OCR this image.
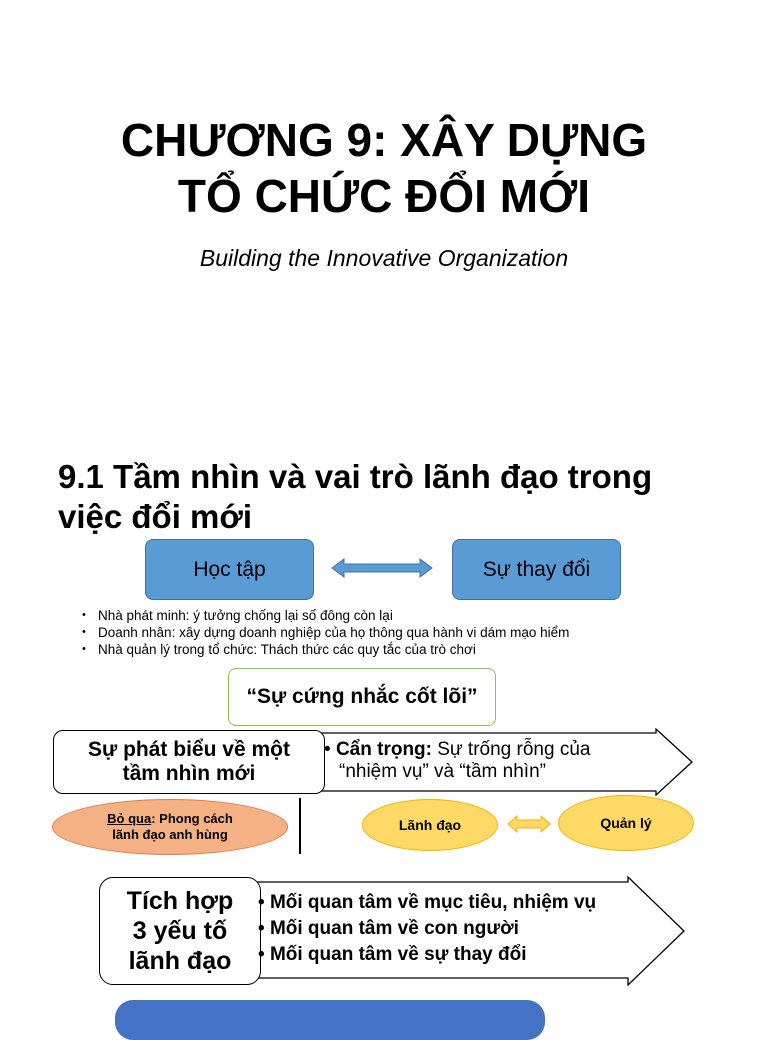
CHƯƠNG 9: XÂY DỰNG
TỔ CHỨC ĐỔI MỚI
Building the Innovative Organization
9.1 Tầm nhìn và vai trò lãnh đạo trong
việc đổi mới
Học tập	Sự thay đổi
• Nhà phát minh: ý tưởng chống lại số đông còn lại
• Doanh nhân: xây dựng doanh nghiệp của họ thông qua hành vi dám mạo hiểm
• Nhà quản lý trong tổ chức: Thách thức các quy tắc của trò chơi
“Sự cứng nhắc cốt lõi”
Sự phát biểu về một
tầm nhìn mới
• Cẩn trọng: Sự trống rỗng của
“nhiệm vụ” và “tầm nhìn”
Bỏ qua: Phong cách
lãnh đạo anh hùng
Lãnh đạo	Quản lý
Tích hợp
3 yếu tố
lãnh đạo
• Mối quan tâm về mục tiêu, nhiệm vụ
• Mối quan tâm về con người
• Mối quan tâm về sự thay đổi
